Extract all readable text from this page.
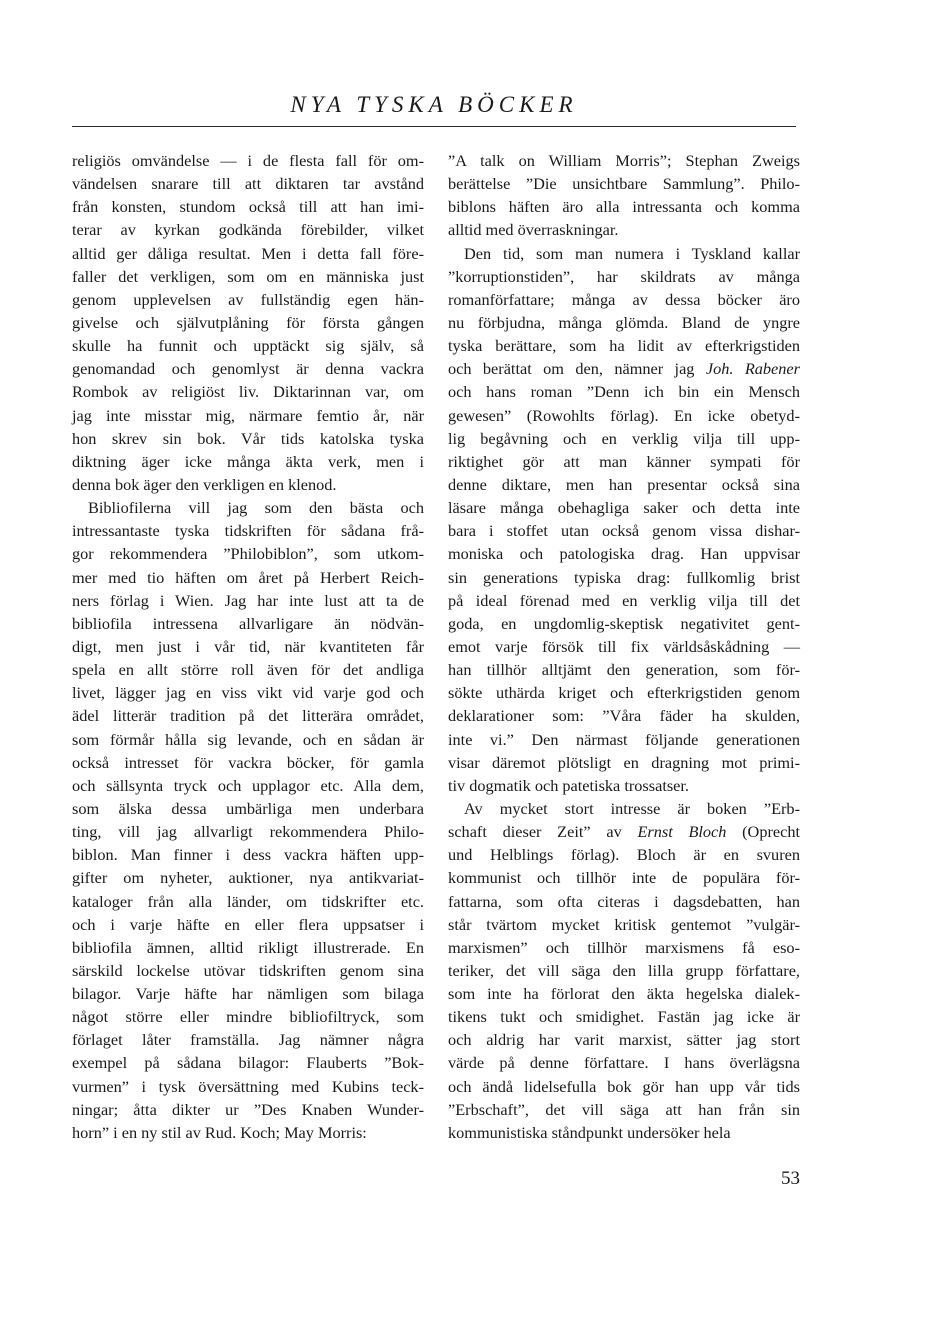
NYA TYSKA BÖCKER
religiös omvändelse — i de flesta fall för om-
vändelsen snarare till att diktaren tar avstånd
från konsten, stundom också till att han imi-
terar av kyrkan godkända förebilder, vilket
alltid ger dåliga resultat. Men i detta fall före-
faller det verkligen, som om en människa just
genom upplevelsen av fullständig egen hän-
givelse och självutplåning för första gången
skulle ha funnit och upptäckt sig själv, så
genomandad och genomlyst är denna vackra
Rombok av religiöst liv. Diktarinnan var, om
jag inte misstar mig, närmare femtio år, när
hon skrev sin bok. Vår tids katolska tyska
diktning äger icke många äkta verk, men i
denna bok äger den verkligen en klenod.
Bibliofilerna vill jag som den bästa och
intressantaste tyska tidskriften för sådana frå-
gor rekommendera ”Philobiblon”, som utkom-
mer med tio häften om året på Herbert Reich-
ners förlag i Wien. Jag har inte lust att ta de
bibliofila intressena allvarligare än nödvän-
digt, men just i vår tid, när kvantiteten får
spela en allt större roll även för det andliga
livet, lägger jag en viss vikt vid varje god och
ädel litterär tradition på det litterära området,
som förmår hålla sig levande, och en sådan är
också intresset för vackra böcker, för gamla
och sällsynta tryck och upplagor etc. Alla dem,
som älska dessa umbärliga men underbara
ting, vill jag allvarligt rekommendera Philo-
biblon. Man finner i dess vackra häften upp-
gifter om nyheter, auktioner, nya antikvariat-
kataloger från alla länder, om tidskrifter etc.
och i varje häfte en eller flera uppsatser i
bibliofila ämnen, alltid rikligt illustrerade. En
särskild lockelse utövar tidskriften genom sina
bilagor. Varje häfte har nämligen som bilaga
något större eller mindre bibliofiltryck, som
förlaget låter framställa. Jag nämner några
exempel på sådana bilagor: Flauberts ”Bok-
vurmen” i tysk översättning med Kubins teck-
ningar; åtta dikter ur ”Des Knaben Wunder-
horn” i en ny stil av Rud. Koch; May Morris:
”A talk on William Morris”; Stephan Zweigs
berättelse ”Die unsichtbare Sammlung”. Philo-
biblons häften äro alla intressanta och komma
alltid med överraskningar.
Den tid, som man numera i Tyskland kallar
”korruptionstiden”, har skildrats av många
romanförfattare; många av dessa böcker äro
nu förbjudna, många glömda. Bland de yngre
tyska berättare, som ha lidit av efterkrigstiden
och berättat om den, nämner jag Joh. Rabener
och hans roman ”Denn ich bin ein Mensch
gewesen” (Rowohlts förlag). En icke obetyd-
lig begåvning och en verklig vilja till upp-
riktighet gör att man känner sympati för
denne diktare, men han presentar också sina
läsare många obehagliga saker och detta inte
bara i stoffet utan också genom vissa dishar-
moniska och patologiska drag. Han uppvisar
sin generations typiska drag: fullkomlig brist
på ideal förenad med en verklig vilja till det
goda, en ungdomlig-skeptisk negativitet gent-
emot varje försök till fix världsåskådning —
han tillhör alltjämt den generation, som för-
sökte uthärda kriget och efterkrigstiden genom
deklarationer som: ”Våra fäder ha skulden,
inte vi.” Den närmast följande generationen
visar däremot plötsligt en dragning mot primi-
tiv dogmatik och patetiska trossatser.
Av mycket stort intresse är boken ”Erb-
schaft dieser Zeit” av Ernst Bloch (Oprecht
und Helblings förlag). Bloch är en svuren
kommunist och tillhör inte de populära för-
fattarna, som ofta citeras i dagsdebatten, han
står tvärtom mycket kritisk gentemot ”vulgär-
marxismen” och tillhör marxismens få eso-
teriker, det vill säga den lilla grupp författare,
som inte ha förlorat den äkta hegelska dialek-
tikens tukt och smidighet. Fastän jag icke är
och aldrig har varit marxist, sätter jag stort
värde på denne författare. I hans överlägsna
och ändå lidelsefulla bok gör han upp vår tids
”Erbschaft”, det vill säga att han från sin
kommunistiska ståndpunkt undersöker hela
53
